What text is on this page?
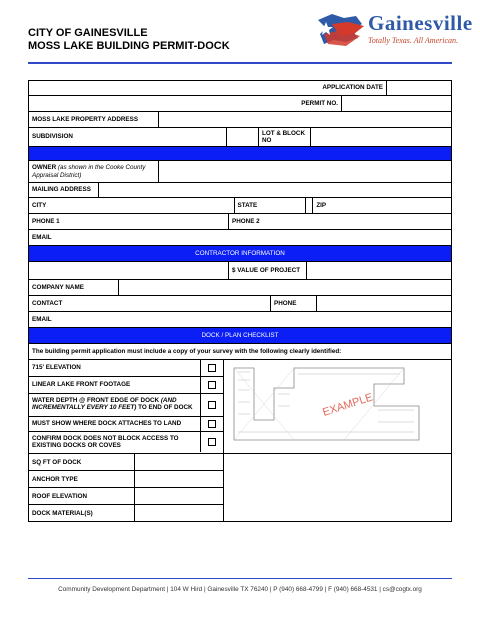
CITY OF GAINESVILLE
MOSS LAKE BUILDING PERMIT-DOCK
Gainesville
Totally Texas. All American.
APPLICATION DATE
PERMIT NO.
MOSS LAKE PROPERTY ADDRESS
SUBDIVISION
LOT & BLOCK NO
OWNER (as shown in the Cooke County Appraisal District)
MAILING ADDRESS
CITY	STATE	ZIP
PHONE 1	PHONE 2
EMAIL
CONTRACTOR INFORMATION
$ VALUE OF PROJECT
COMPANY NAME
CONTACT	PHONE
EMAIL
DOCK / PLAN CHECKLIST
The building permit application must include a copy of your survey with the following clearly identified:
715' ELEVATION
LINEAR LAKE FRONT FOOTAGE
WATER DEPTH @ FRONT EDGE OF DOCK (AND INCREMENTALLY EVERY 10 FEET) TO END OF DOCK
MUST SHOW WHERE DOCK ATTACHES TO LAND
CONFIRM DOCK DOES NOT BLOCK ACCESS TO EXISTING DOCKS OR COVES
EXAMPLE
SQ FT OF DOCK
ANCHOR TYPE
ROOF ELEVATION
DOCK MATERIAL(S)
Community Development Department | 104 W Hird | Gainesville TX 76240 | P (940) 668-4799 | F (940) 668-4531 | cs@cogtx.org
